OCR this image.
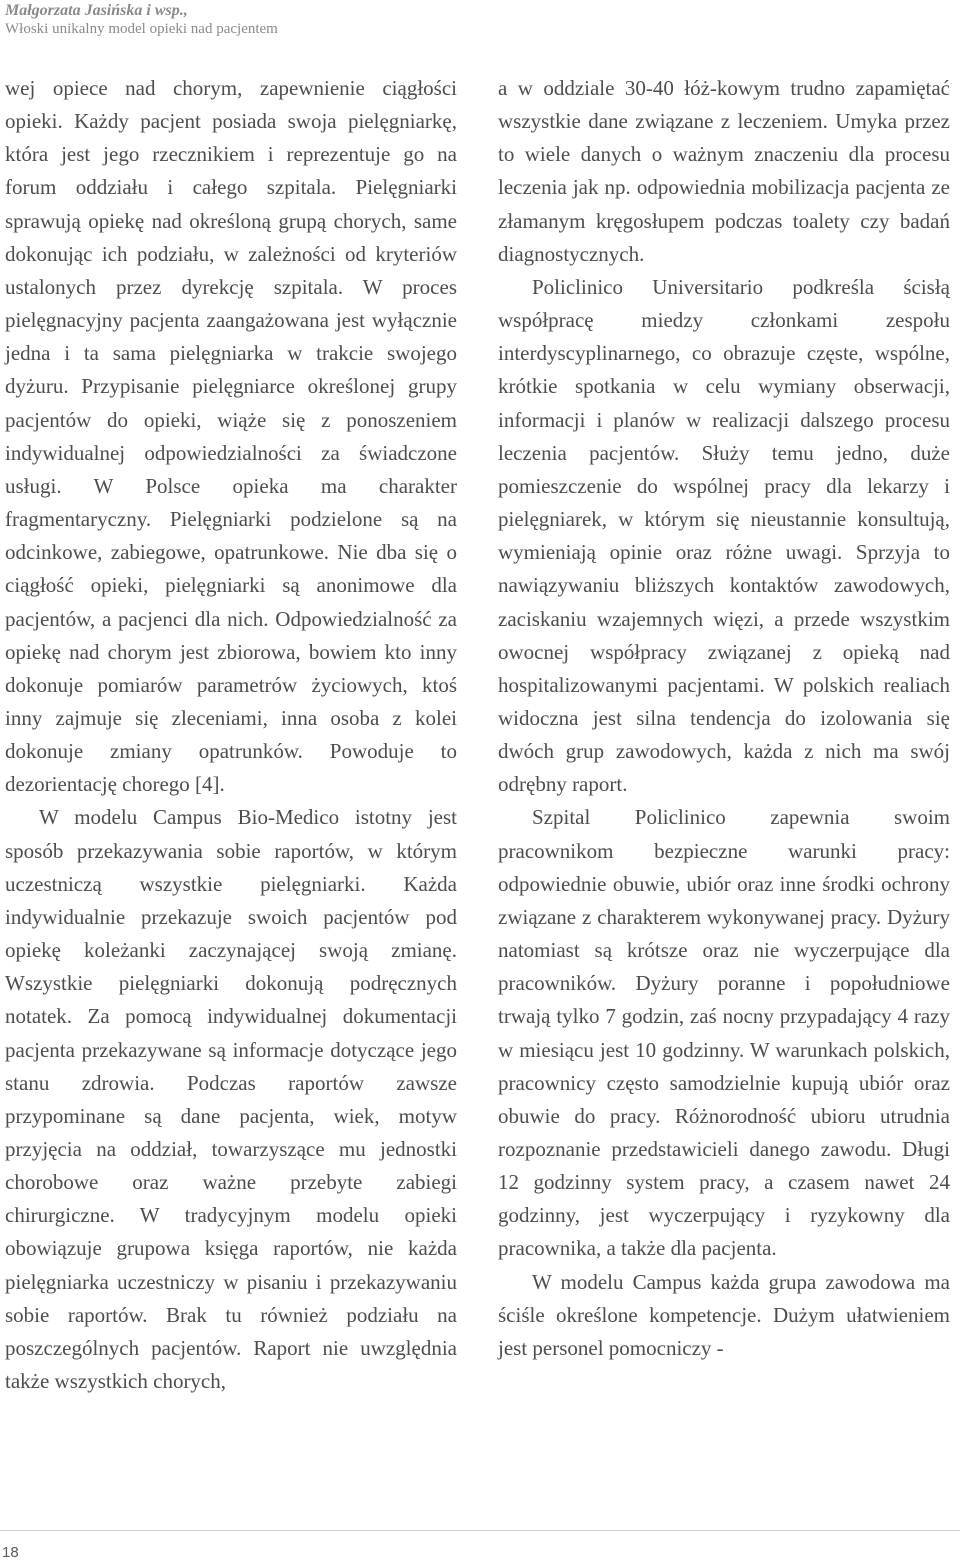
Małgorzata Jasińska i wsp.,
Włoski unikalny model opieki nad pacjentem

wej opiece nad chorym, zapewnienie ciągłości opieki. Każdy pacjent posiada swoja pielęgniarkę, która jest jego rzecznikiem i reprezentuje go na forum oddziału i całego szpitala. Pielęgniarki sprawują opiekę nad określoną grupą chorych, same dokonując ich podziału, w zależności od kryteriów ustalonych przez dyrekcję szpitala. W proces pielęgnacyjny pacjenta zaangażowana jest wyłącznie jedna i ta sama pielęgniarka w trakcie swojego dyżuru. Przypisanie pielęgniarce określonej grupy pacjentów do opieki, wiąże się z ponoszeniem indywidualnej odpowiedzialności za świadczone usługi. W Polsce opieka ma charakter fragmentaryczny. Pielęgniarki podzielone są na odcinkowe, zabiegowe, opatrunkowe. Nie dba się o ciągłość opieki, pielęgniarki są anonimowe dla pacjentów, a pacjenci dla nich. Odpowiedzialność za opiekę nad chorym jest zbiorowa, bowiem kto inny dokonuje pomiarów parametrów życiowych, ktoś inny zajmuje się zleceniami, inna osoba z kolei dokonuje zmiany opatrunków. Powoduje to dezorientację chorego [4].

W modelu Campus Bio-Medico istotny jest sposób przekazywania sobie raportów, w którym uczestniczą wszystkie pielęgniarki. Każda indywidualnie przekazuje swoich pacjentów pod opiekę koleżanki zaczynającej swoją zmianę. Wszystkie pielęgniarki dokonują podręcznych notatek. Za pomocą indywidualnej dokumentacji pacjenta przekazywane są informacje dotyczące jego stanu zdrowia. Podczas raportów zawsze przypominane są dane pacjenta, wiek, motyw przyjęcia na oddział, towarzyszące mu jednostki chorobowe oraz ważne przebyte zabiegi chirurgiczne. W tradycyjnym modelu opieki obowiązuje grupowa księga raportów, nie każda pielęgniarka uczestniczy w pisaniu i przekazywaniu sobie raportów. Brak tu również podziału na poszczególnych pacjentów. Raport nie uwzględnia także wszystkich chorych,

a w oddziale 30-40 łóż-kowym trudno zapamiętać wszystkie dane związane z leczeniem. Umyka przez to wiele danych o ważnym znaczeniu dla procesu leczenia jak np. odpowiednia mobilizacja pacjenta ze złamanym kręgosłupem podczas toalety czy badań diagnostycznych.

Policlinico Universitario podkreśla ścisłą współpracę miedzy członkami zespołu interdyscyplinarnego, co obrazuje częste, wspólne, krótkie spotkania w celu wymiany obserwacji, informacji i planów w realizacji dalszego procesu leczenia pacjentów. Służy temu jedno, duże pomieszczenie do wspólnej pracy dla lekarzy i pielęgniarek, w którym się nieustannie konsultują, wymieniają opinie oraz różne uwagi. Sprzyja to nawiązywaniu bliższych kontaktów zawodowych, zaciskaniu wzajemnych więzi, a przede wszystkim owocnej współpracy związanej z opieką nad hospitalizowanymi pacjentami. W polskich realiach widoczna jest silna tendencja do izolowania się dwóch grup zawodowych, każda z nich ma swój odrębny raport.

Szpital Policlinico zapewnia swoim pracownikom bezpieczne warunki pracy: odpowiednie obuwie, ubiór oraz inne środki ochrony związane z charakterem wykonywanej pracy. Dyżury natomiast są krótsze oraz nie wyczerpujące dla pracowników. Dyżury poranne i popołudniowe trwają tylko 7 godzin, zaś nocny przypadający 4 razy w miesiącu jest 10 godzinny. W warunkach polskich, pracownicy często samodzielnie kupują ubiór oraz obuwie do pracy. Różnorodność ubioru utrudnia rozpoznanie przedstawicieli danego zawodu. Długi 12 godzinny system pracy, a czasem nawet 24 godzinny, jest wyczerpujący i ryzykowny dla pracownika, a także dla pacjenta.

W modelu Campus każda grupa zawodowa ma ściśle określone kompetencje. Dużym ułatwieniem jest personel pomocniczy -

18
